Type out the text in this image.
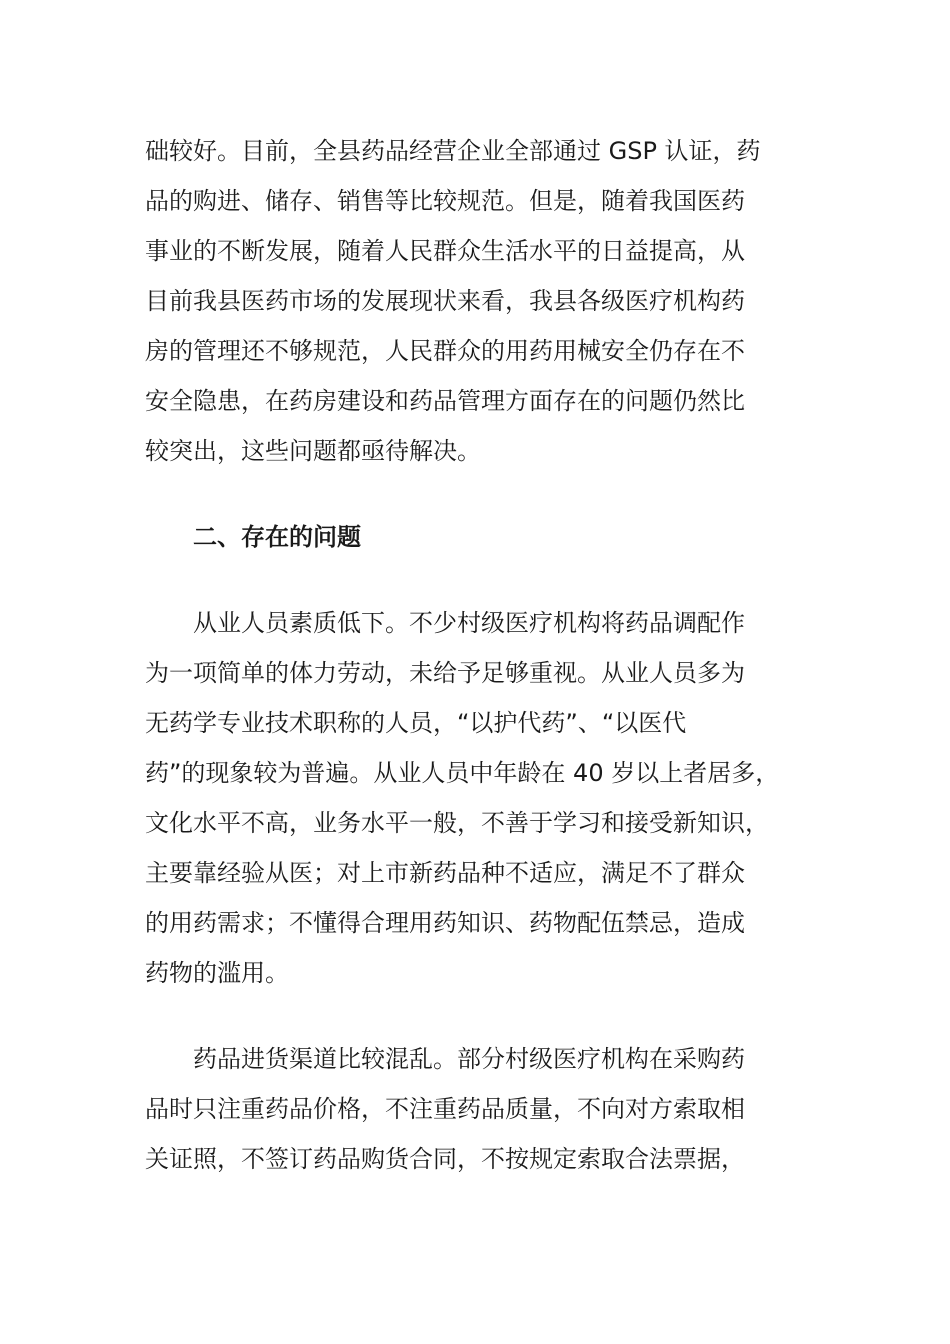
础较好。目前，全县药品经营企业全部通过 GSP 认证，药
品的购进、储存、销售等比较规范。但是，随着我国医药
事业的不断发展，随着人民群众生活水平的日益提高，从
目前我县医药市场的发展现状来看，我县各级医疗机构药
房的管理还不够规范，人民群众的用药用械安全仍存在不
安全隐患，在药房建设和药品管理方面存在的问题仍然比
较突出，这些问题都亟待解决。
二、存在的问题
从业人员素质低下。不少村级医疗机构将药品调配作
为一项简单的体力劳动，未给予足够重视。从业人员多为
无药学专业技术职称的人员，“以护代药”、“以医代
药”的现象较为普遍。从业人员中年龄在 40 岁以上者居多，
文化水平不高，业务水平一般，不善于学习和接受新知识，
主要靠经验从医；对上市新药品种不适应，满足不了群众
的用药需求；不懂得合理用药知识、药物配伍禁忌，造成
药物的滥用。
药品进货渠道比较混乱。部分村级医疗机构在采购药
品时只注重药品价格，不注重药品质量，不向对方索取相
关证照，不签订药品购货合同，不按规定索取合法票据，
